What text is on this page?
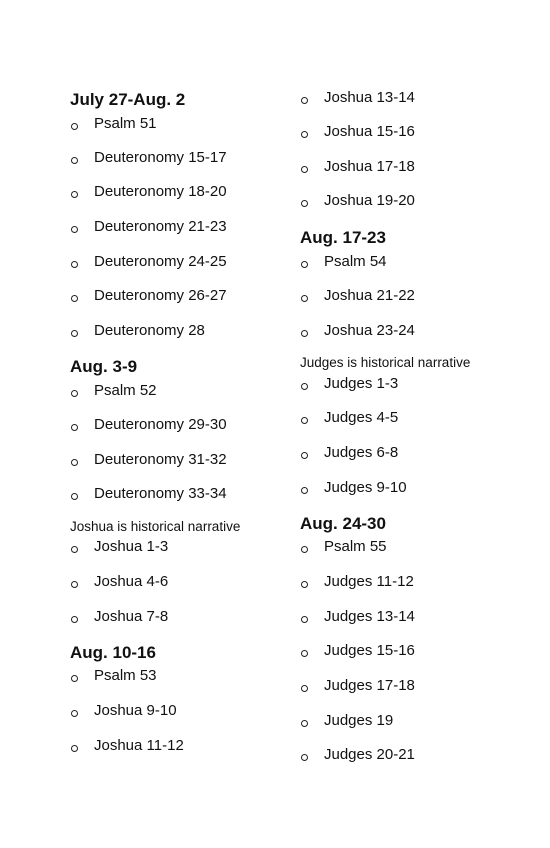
July 27-Aug. 2
Psalm 51
Deuteronomy 15-17
Deuteronomy 18-20
Deuteronomy 21-23
Deuteronomy 24-25
Deuteronomy 26-27
Deuteronomy 28
Aug. 3-9
Psalm 52
Deuteronomy 29-30
Deuteronomy 31-32
Deuteronomy 33-34
Joshua is historical narrative
Joshua 1-3
Joshua 4-6
Joshua 7-8
Aug. 10-16
Psalm 53
Joshua 9-10
Joshua 11-12
Joshua 13-14
Joshua 15-16
Joshua 17-18
Joshua 19-20
Aug. 17-23
Psalm 54
Joshua 21-22
Joshua 23-24
Judges is historical narrative
Judges 1-3
Judges 4-5
Judges 6-8
Judges 9-10
Aug. 24-30
Psalm 55
Judges 11-12
Judges 13-14
Judges 15-16
Judges 17-18
Judges 19
Judges 20-21
